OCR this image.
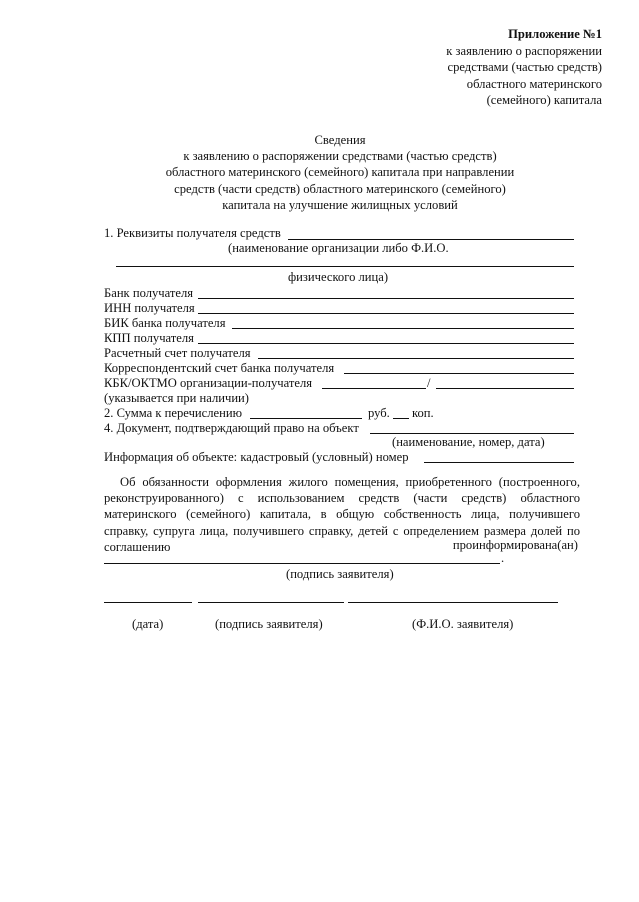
Приложение №1
к заявлению о распоряжении
средствами (частью средств)
областного материнского
(семейного) капитала
Сведения
к заявлению о распоряжении средствами (частью средств)
областного материнского (семейного) капитала при направлении
средств (части средств) областного материнского (семейного)
капитала на улучшение жилищных условий
1. Реквизиты получателя средств
(наименование организации либо Ф.И.О.
физического лица)
Банк получателя
ИНН получателя
БИК банка получателя
КПП получателя
Расчетный счет получателя
Корреспондентский счет банка получателя
КБК/ОКТМО организации-получателя	/
(указывается при наличии)
2. Сумма к перечислению	руб. коп.
4. Документ, подтверждающий право на объект
(наименование, номер, дата)
Информация об объекте: кадастровый (условный) номер
Об обязанности оформления жилого помещения, приобретенного (построенного, реконструированного) с использованием средств (части средств) областного материнского (семейного) капитала, в общую собственность лица, получившего справку, супруга лица, получившего справку, детей с определением размера долей по соглашению	проинформирована(ан)
.
(подпись заявителя)
(дата)	(подпись заявителя)	(Ф.И.О. заявителя)
